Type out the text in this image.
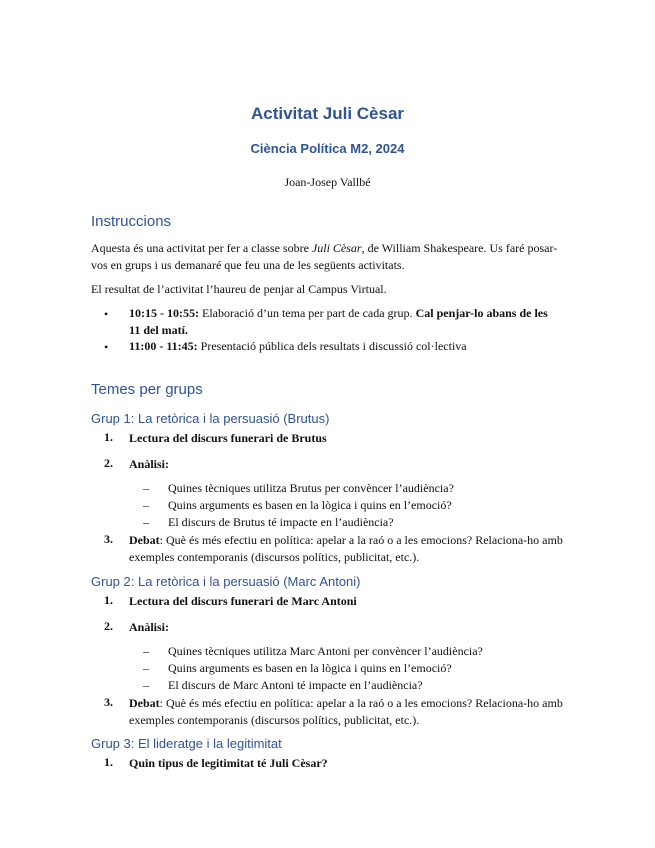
Activitat Juli Cèsar
Ciència Política M2, 2024
Joan-Josep Vallbé
Instruccions
Aquesta és una activitat per fer a classe sobre Juli Cèsar, de William Shakespeare. Us faré posar-vos en grups i us demanaré que feu una de les següents activitats.
El resultat de l’activitat l’haureu de penjar al Campus Virtual.
• 10:15 - 10:55: Elaboració d’un tema per part de cada grup. Cal penjar-lo abans de les 11 del matí.
• 11:00 - 11:45: Presentació pública dels resultats i discussió col·lectiva
Temes per grups
Grup 1: La retòrica i la persuasió (Brutus)
1. Lectura del discurs funerari de Brutus
2. Anàlisi:
– Quines tècniques utilitza Brutus per convèncer l’audiència?
– Quins arguments es basen en la lògica i quins en l’emoció?
– El discurs de Brutus té impacte en l’audiència?
3. Debat: Què és més efectiu en política: apelar a la raó o a les emocions? Relaciona-ho amb exemples contemporanis (discursos polítics, publicitat, etc.).
Grup 2: La retòrica i la persuasió (Marc Antoni)
1. Lectura del discurs funerari de Marc Antoni
2. Anàlisi:
– Quines tècniques utilitza Marc Antoni per convèncer l’audiència?
– Quins arguments es basen en la lògica i quins en l’emoció?
– El discurs de Marc Antoni té impacte en l’audiència?
3. Debat: Què és més efectiu en política: apelar a la raó o a les emocions? Relaciona-ho amb exemples contemporanis (discursos polítics, publicitat, etc.).
Grup 3: El lideratge i la legitimitat
1. Quin tipus de legitimitat té Juli Cèsar?
